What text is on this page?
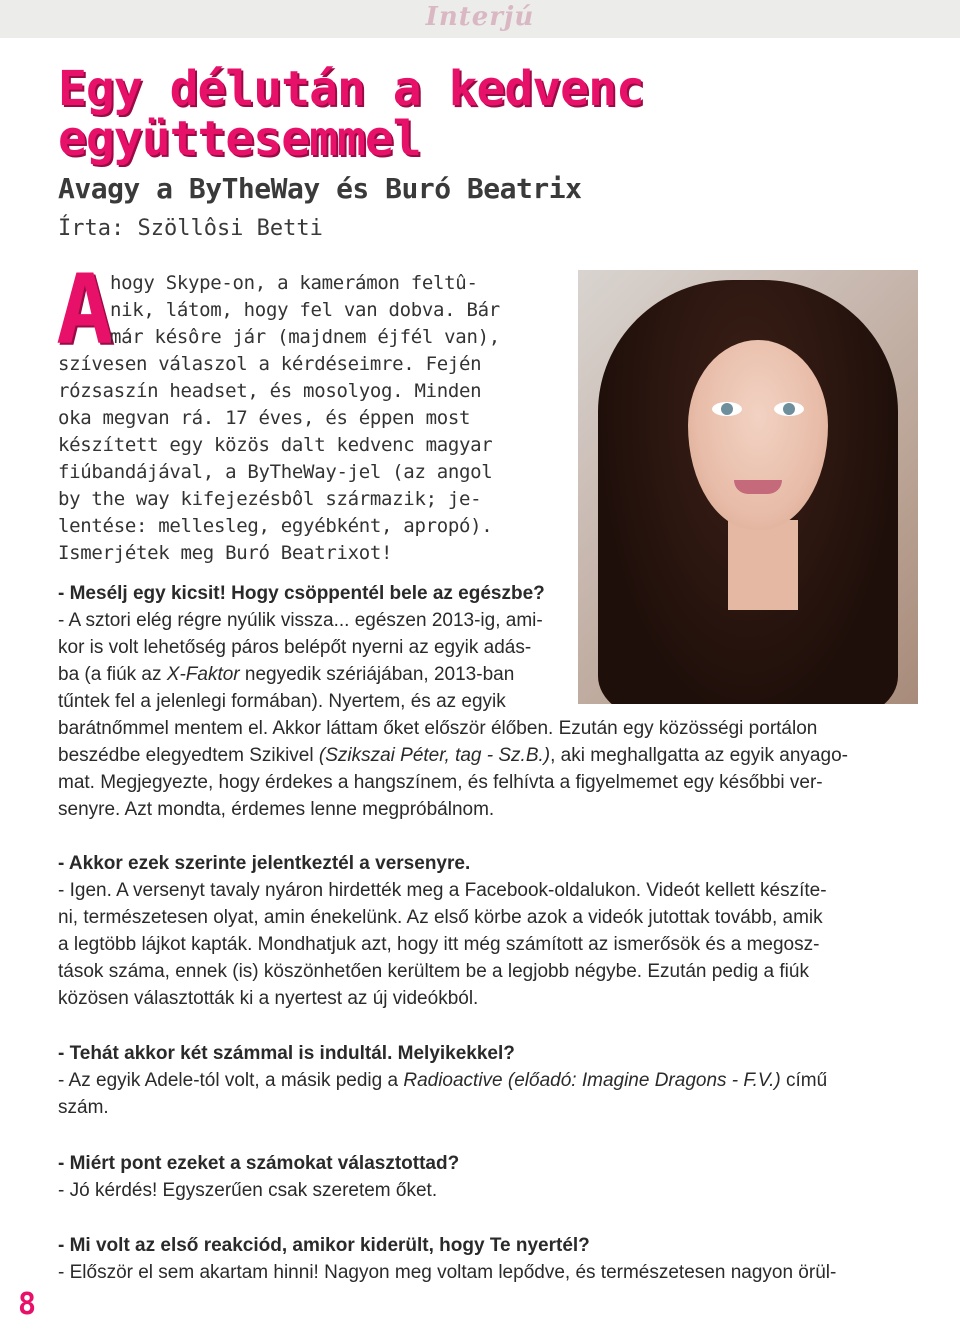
Interjú
Egy délután a kedvenc együttesemmel
Avagy a ByTheWay és Buró Beatrix
Írta: Szöllôsi Betti
A
hogy Skype-on, a kamerámon feltû-
nik, látom, hogy fel van dobva. Bár
már késôre jár (majdnem éjfél van),
szívesen válaszol a kérdéseimre. Fején
rózsaszín headset, és mosolyog. Minden
oka megvan rá. 17 éves, és éppen most
készített egy közös dalt kedvenc magyar
fiúbandájával, a ByTheWay-jel (az angol
by the way kifejezésbôl származik; je-
lentése: mellesleg, egyébként, apropó).
Ismerjétek meg Buró Beatrixot!
- Mesélj egy kicsit! Hogy csöppentél bele az egészbe?
- A sztori elég régre nyúlik vissza... egészen 2013-ig, ami-
kor is volt lehetőség páros belépőt nyerni az egyik adás-
ba (a fiúk az X-Faktor negyedik szériájában, 2013-ban
tűntek fel a jelenlegi formában). Nyertem, és az egyik
barátnőmmel mentem el. Akkor láttam őket először élőben. Ezután egy közösségi portálon
beszédbe elegyedtem Szikivel (Szikszai Péter, tag - Sz.B.), aki meghallgatta az egyik anyago-
mat. Megjegyezte, hogy érdekes a hangszínem, és felhívta a figyelmemet egy későbbi ver-
senyre. Azt mondta, érdemes lenne megpróbálnom.
- Akkor ezek szerinte jelentkeztél a versenyre.
- Igen. A versenyt tavaly nyáron hirdették meg a Facebook-oldalukon. Videót kellett készíte-
ni, természetesen olyat, amin énekelünk. Az első körbe azok a videók jutottak tovább, amik
a legtöbb lájkot kapták. Mondhatjuk azt, hogy itt még számított az ismerősök és a megosz-
tások száma, ennek (is) köszönhetően kerültem be a legjobb négybe. Ezután pedig a fiúk
közösen választották ki a nyertest az új videókból.
- Tehát akkor két számmal is indultál. Melyikekkel?
- Az egyik Adele-tól volt, a másik pedig a Radioactive (előadó: Imagine Dragons - F.V.) című
szám.
- Miért pont ezeket a számokat választottad?
- Jó kérdés! Egyszerűen csak szeretem őket.
- Mi volt az első reakciód, amikor kiderült, hogy Te nyertél?
- Először el sem akartam hinni! Nagyon meg voltam lepődve, és természetesen nagyon örül-
8
